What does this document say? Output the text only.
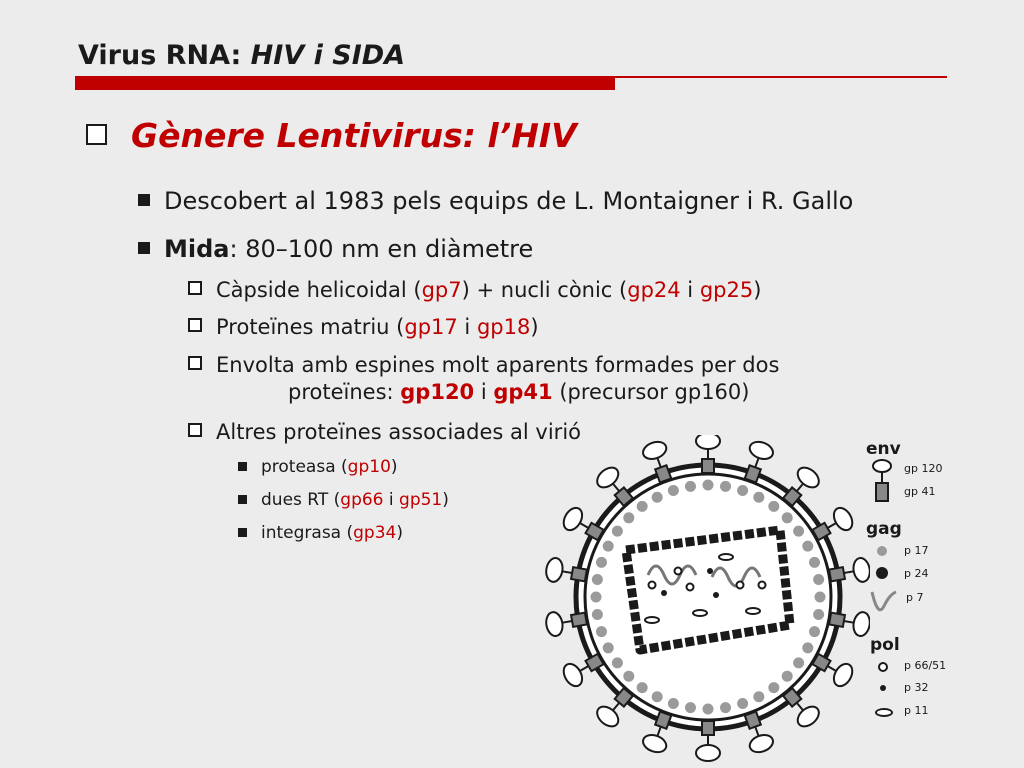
Virus RNA: HIV i SIDA
Gènere Lentivirus: l’HIV
Descobert al 1983 pels equips de L. Montaigner i R. Gallo
Mida: 80–100 nm en diàmetre
Càpside helicoidal (gp7) + nucli cònic (gp24 i gp25)
Proteïnes matriu (gp17 i gp18)
Envolta amb espines molt aparents formades per dos
proteïnes: gp120 i gp41 (precursor gp160)
Altres proteïnes associades al virió
proteasa (gp10)
dues RT (gp66 i gp51)
integrasa (gp34)
env
gp 120
gp 41
gag
p 17
p 24
p 7
pol
p 66/51
p 32
p 11
